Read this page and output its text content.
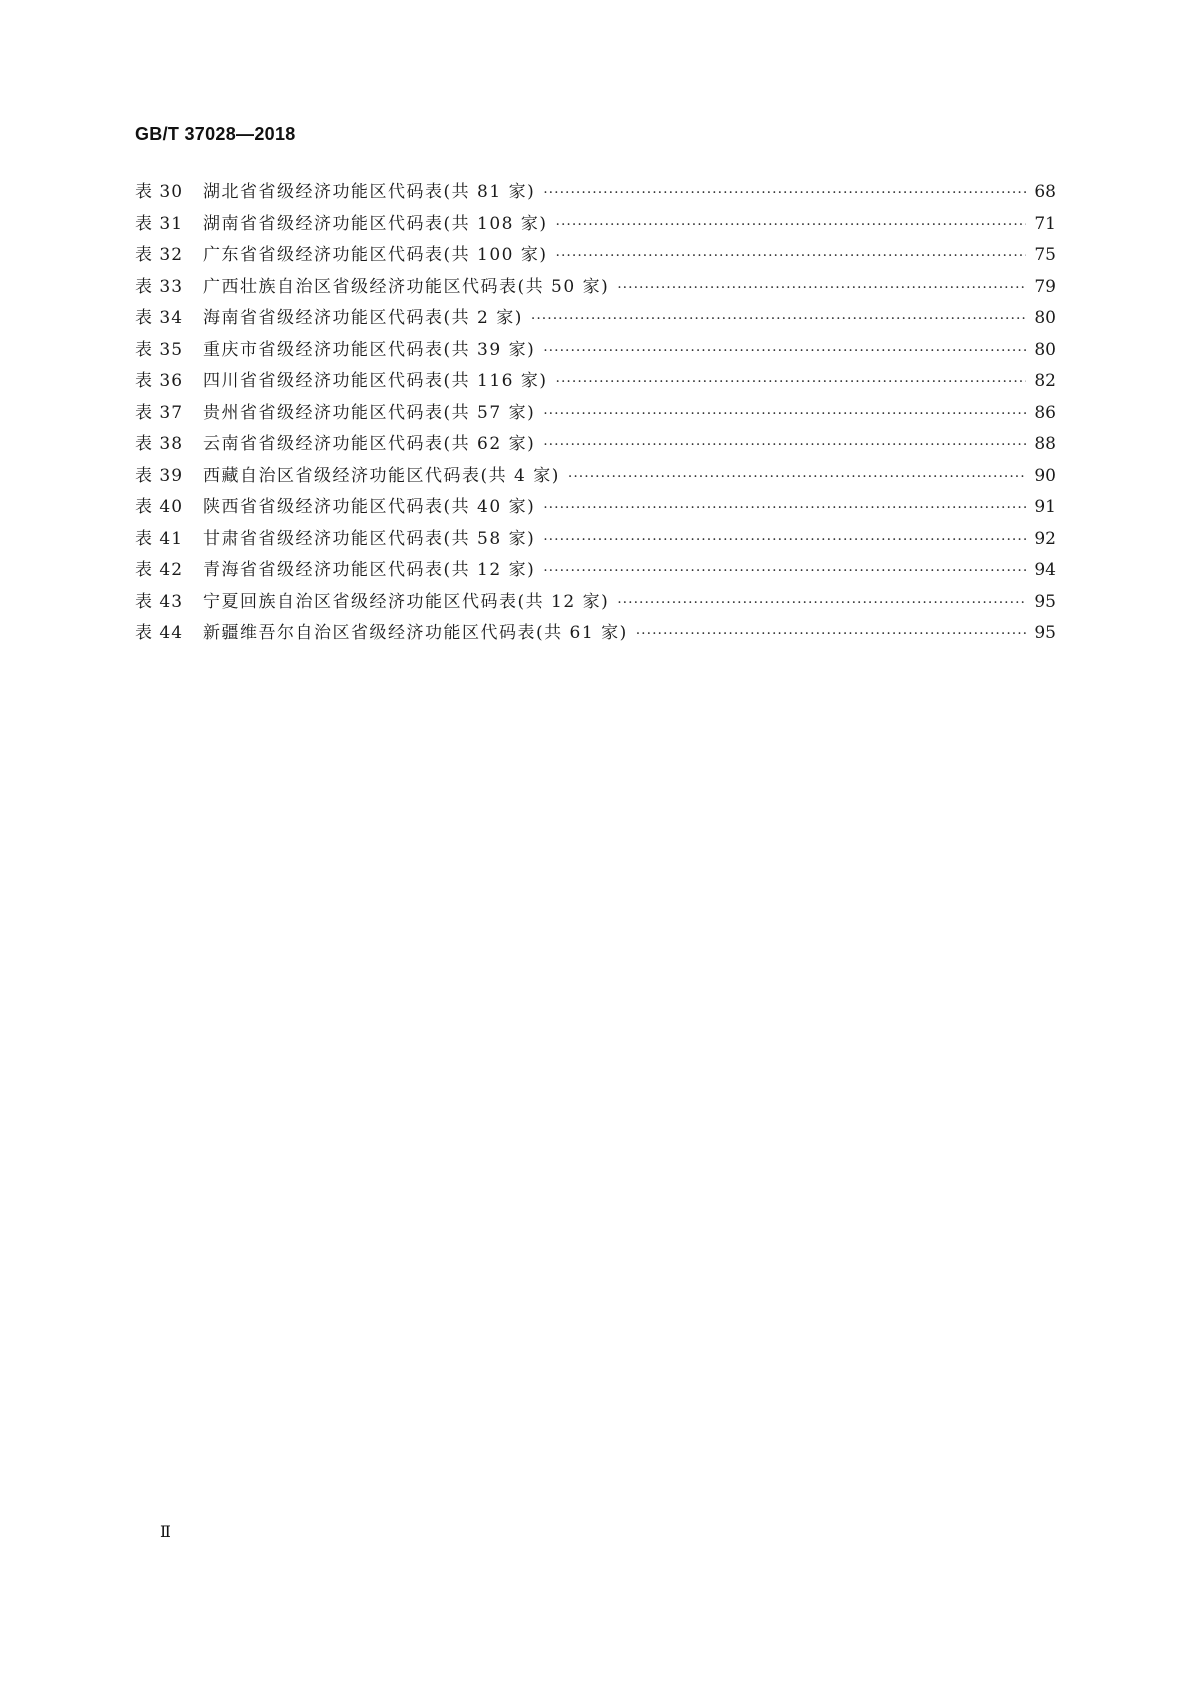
GB/T 37028—2018
表 30	湖北省省级经济功能区代码表(共 81 家) ·····	68
表 31	湖南省省级经济功能区代码表(共 108 家) ·····	71
表 32	广东省省级经济功能区代码表(共 100 家) ·····	75
表 33	广西壮族自治区省级经济功能区代码表(共 50 家) ·····	79
表 34	海南省省级经济功能区代码表(共 2 家) ·····	80
表 35	重庆市省级经济功能区代码表(共 39 家) ·····	80
表 36	四川省省级经济功能区代码表(共 116 家) ·····	82
表 37	贵州省省级经济功能区代码表(共 57 家) ·····	86
表 38	云南省省级经济功能区代码表(共 62 家) ·····	88
表 39	西藏自治区省级经济功能区代码表(共 4 家) ·····	90
表 40	陕西省省级经济功能区代码表(共 40 家) ·····	91
表 41	甘肃省省级经济功能区代码表(共 58 家) ·····	92
表 42	青海省省级经济功能区代码表(共 12 家) ·····	94
表 43	宁夏回族自治区省级经济功能区代码表(共 12 家) ·····	95
表 44	新疆维吾尔自治区省级经济功能区代码表(共 61 家) ·····	95
Ⅱ
